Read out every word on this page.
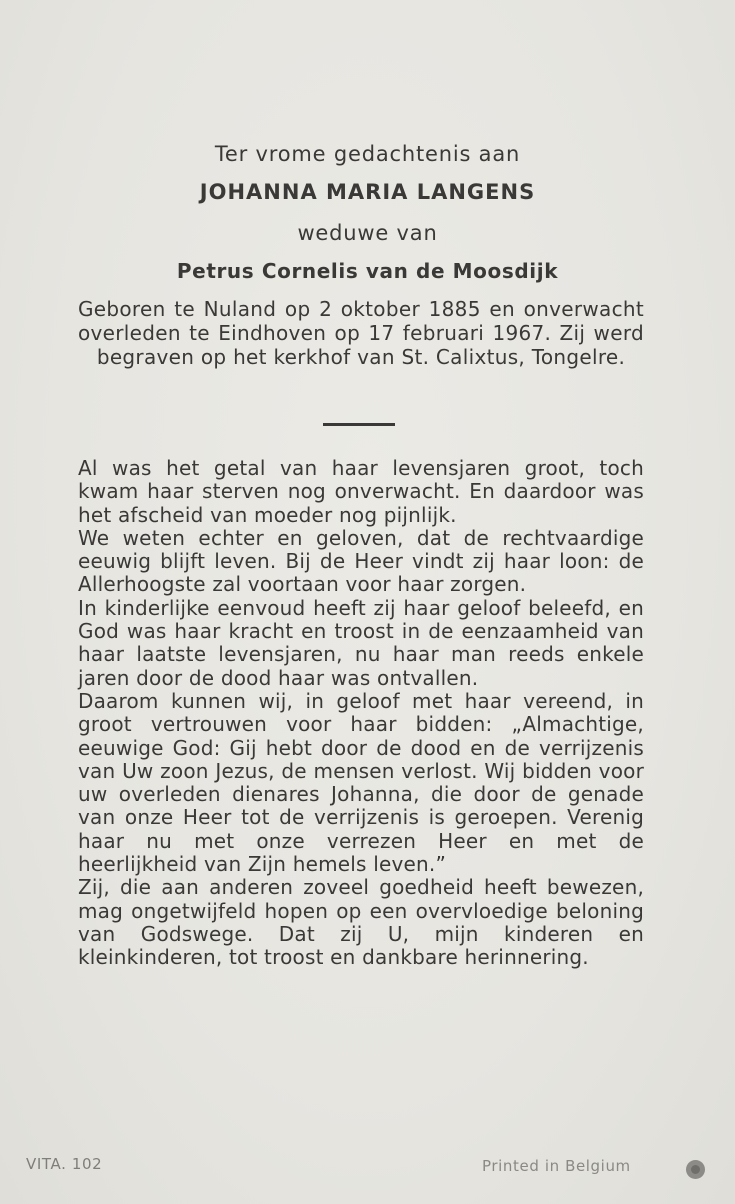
Ter vrome gedachtenis aan
JOHANNA MARIA LANGENS
weduwe van
Petrus Cornelis van de Moosdijk
Geboren te Nuland op 2 oktober 1885 en onverwacht overleden te Eindhoven op 17 februari 1967. Zij werd begraven op het kerkhof van St. Calixtus, Tongelre.

Al was het getal van haar levensjaren groot, toch kwam haar sterven nog onverwacht. En daardoor was het afscheid van moeder nog pijnlijk.

We weten echter en geloven, dat de rechtvaardige eeuwig blijft leven. Bij de Heer vindt zij haar loon: de Allerhoogste zal voortaan voor haar zorgen.

In kinderlijke eenvoud heeft zij haar geloof beleefd, en God was haar kracht en troost in de eenzaamheid van haar laatste levensjaren, nu haar man reeds enkele jaren door de dood haar was ontvallen.

Daarom kunnen wij, in geloof met haar vereend, in groot vertrouwen voor haar bidden: „Almachtige, eeuwige God: Gij hebt door de dood en de verrijzenis van Uw zoon Jezus, de mensen verlost. Wij bidden voor uw overleden dienares Johanna, die door de genade van onze Heer tot de verrijzenis is geroepen. Verenig haar nu met onze verrezen Heer en met de heerlijkheid van Zijn hemels leven.”

Zij, die aan anderen zoveel goedheid heeft bewezen, mag ongetwijfeld hopen op een overvloedige beloning van Godswege. Dat zij U, mijn kinderen en kleinkinderen, tot troost en dankbare herinnering.

VITA. 102	Printed in Belgium
